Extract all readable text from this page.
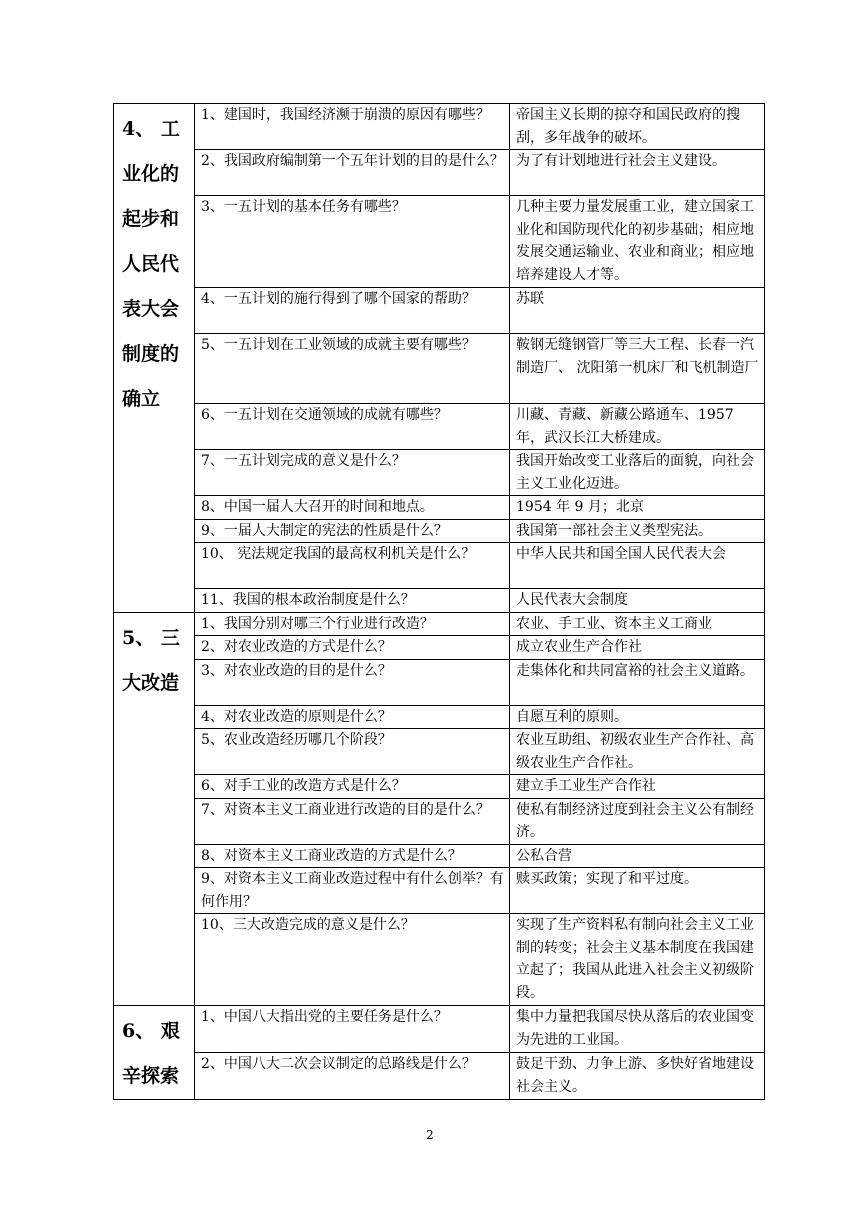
4、 工业化的起步和人民代表大会制度的确立	1、建国时，我国经济濒于崩溃的原因有哪些？	帝国主义长期的掠夺和国民政府的搜刮，多年战争的破坏。
	2、我国政府编制第一个五年计划的目的是什么？	为了有计划地进行社会主义建设。
	3、一五计划的基本任务有哪些？	几种主要力量发展重工业，建立国家工业化和国防现代化的初步基础；相应地发展交通运输业、农业和商业；相应地培养建设人才等。
	4、一五计划的施行得到了哪个国家的帮助？	苏联
	5、一五计划在工业领域的成就主要有哪些？	鞍钢无缝钢管厂等三大工程、长春一汽制造厂、 沈阳第一机床厂和飞机制造厂
	6、一五计划在交通领域的成就有哪些？	川藏、青藏、新藏公路通车、1957年，武汉长江大桥建成。
	7、一五计划完成的意义是什么？	我国开始改变工业落后的面貌，向社会主义工业化迈进。
	8、中国一届人大召开的时间和地点。	1954 年 9 月；北京
	9、一届人大制定的宪法的性质是什么？	我国第一部社会主义类型宪法。
	10、 宪法规定我国的最高权利机关是什么？	中华人民共和国全国人民代表大会
	11、我国的根本政治制度是什么？	人民代表大会制度
5、 三大改造	1、我国分别对哪三个行业进行改造？	农业、手工业、资本主义工商业
	2、对农业改造的方式是什么？	成立农业生产合作社
	3、对农业改造的目的是什么？	走集体化和共同富裕的社会主义道路。
	4、对农业改造的原则是什么？	自愿互利的原则。
	5、农业改造经历哪几个阶段？	农业互助组、初级农业生产合作社、高级农业生产合作社。
	6、对手工业的改造方式是什么？	建立手工业生产合作社
	7、对资本主义工商业进行改造的目的是什么？	使私有制经济过度到社会主义公有制经济。
	8、对资本主义工商业改造的方式是什么？	公私合营
	9、对资本主义工商业改造过程中有什么创举？有何作用？	赎买政策；实现了和平过度。
	10、三大改造完成的意义是什么？	实现了生产资料私有制向社会主义工业制的转变；社会主义基本制度在我国建立起了；我国从此进入社会主义初级阶段。
6、 艰辛探索	1、中国八大指出党的主要任务是什么？	集中力量把我国尽快从落后的农业国变为先进的工业国。
	2、中国八大二次会议制定的总路线是什么？	鼓足干劲、力争上游、多快好省地建设社会主义。
2
